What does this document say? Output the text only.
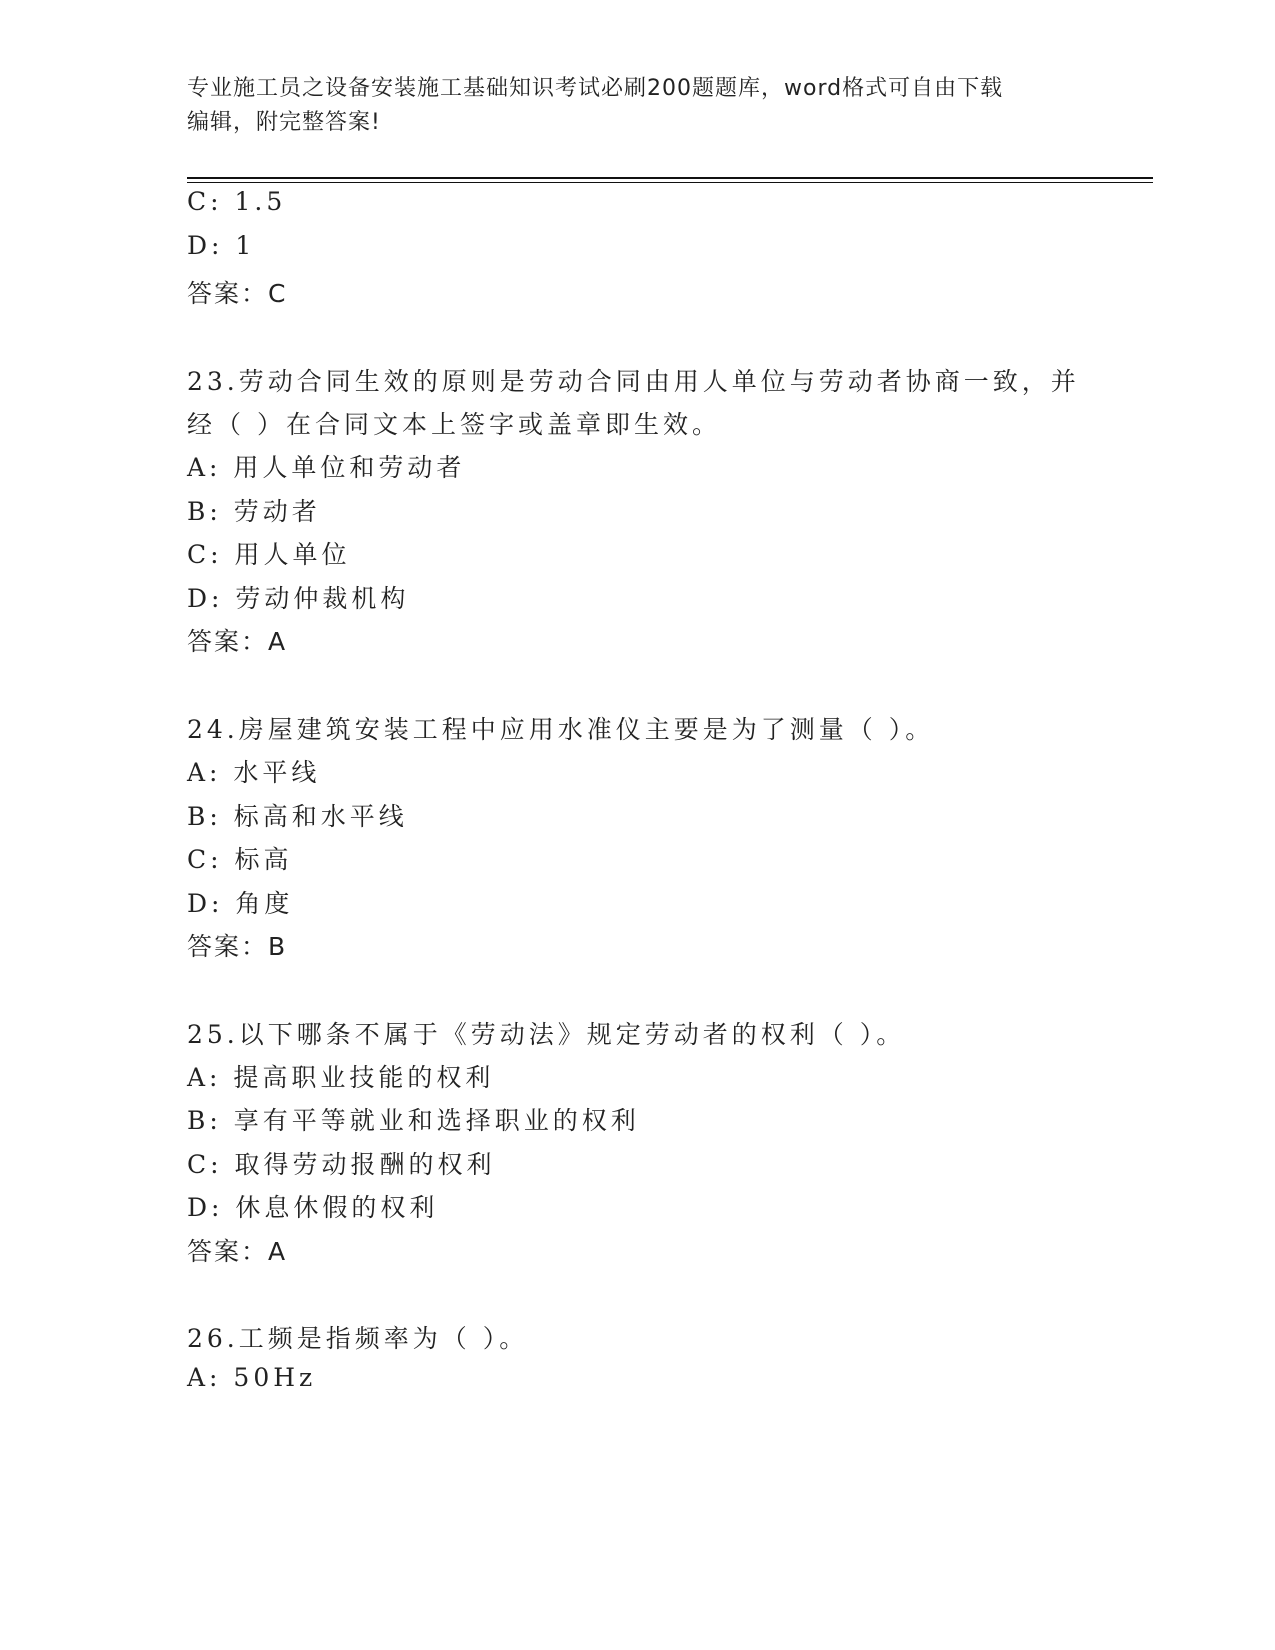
专业施工员之设备安装施工基础知识考试必刷200题题库，word格式可自由下载
编辑，附完整答案!
C: 1.5
D: 1
答案：C
23.劳动合同生效的原则是劳动合同由用人单位与劳动者协商一致，并
经（ ）在合同文本上签字或盖章即生效。
A: 用人单位和劳动者
B: 劳动者
C: 用人单位
D: 劳动仲裁机构
答案：A
24.房屋建筑安装工程中应用水准仪主要是为了测量（ ）。
A: 水平线
B: 标高和水平线
C: 标高
D: 角度
答案：B
25.以下哪条不属于《劳动法》规定劳动者的权利（ ）。
A: 提高职业技能的权利
B: 享有平等就业和选择职业的权利
C: 取得劳动报酬的权利
D: 休息休假的权利
答案：A
26.工频是指频率为（ ）。
A: 50Hz
